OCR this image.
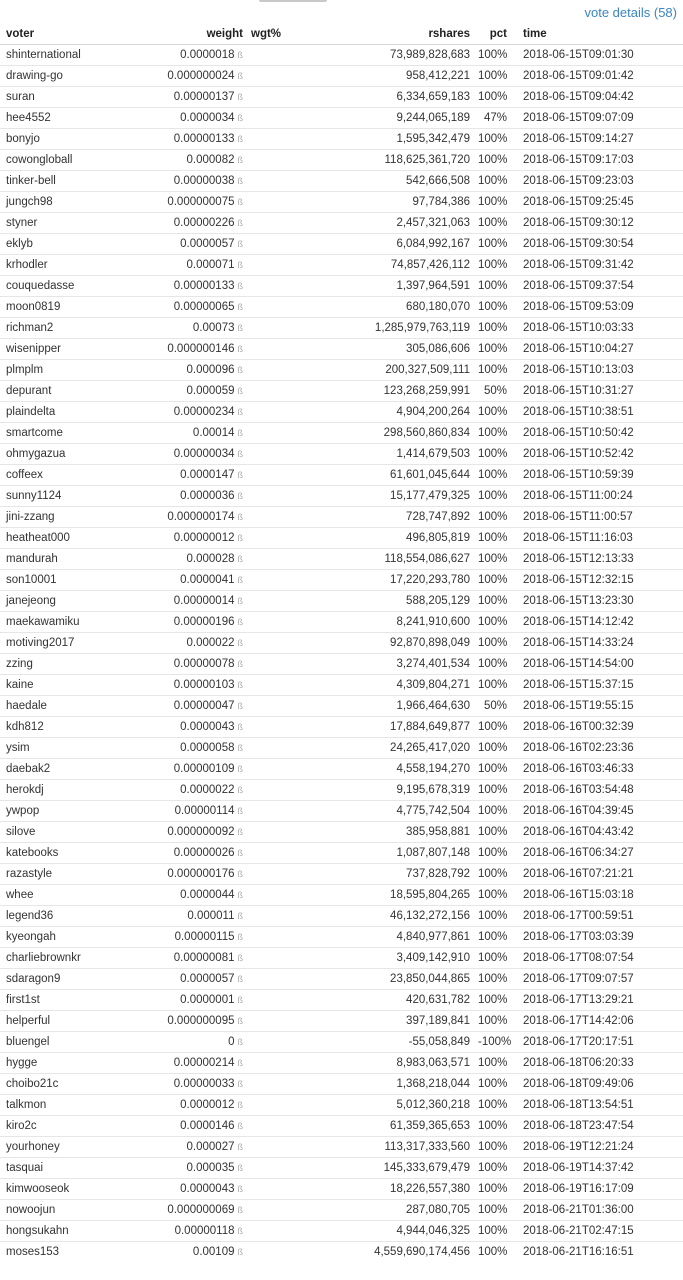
vote details (58)
voter	weight	wgt%	rshares	pct	time
shinternational	0.0000018 ß		73,989,828,683	100%	2018-06-15T09:01:30
drawing-go	0.000000024 ß		958,412,221	100%	2018-06-15T09:01:42
suran	0.00000137 ß		6,334,659,183	100%	2018-06-15T09:04:42
hee4552	0.0000034 ß		9,244,065,189	47%	2018-06-15T09:07:09
bonyjo	0.00000133 ß		1,595,342,479	100%	2018-06-15T09:14:27
cowongloball	0.000082 ß		118,625,361,720	100%	2018-06-15T09:17:03
tinker-bell	0.00000038 ß		542,666,508	100%	2018-06-15T09:23:03
jungch98	0.000000075 ß		97,784,386	100%	2018-06-15T09:25:45
styner	0.00000226 ß		2,457,321,063	100%	2018-06-15T09:30:12
eklyb	0.0000057 ß		6,084,992,167	100%	2018-06-15T09:30:54
krhodler	0.000071 ß		74,857,426,112	100%	2018-06-15T09:31:42
couquedasse	0.00000133 ß		1,397,964,591	100%	2018-06-15T09:37:54
moon0819	0.00000065 ß		680,180,070	100%	2018-06-15T09:53:09
richman2	0.00073 ß		1,285,979,763,119	100%	2018-06-15T10:03:33
wisenipper	0.000000146 ß		305,086,606	100%	2018-06-15T10:04:27
plmplm	0.000096 ß		200,327,509,111	100%	2018-06-15T10:13:03
depurant	0.000059 ß		123,268,259,991	50%	2018-06-15T10:31:27
plaindelta	0.00000234 ß		4,904,200,264	100%	2018-06-15T10:38:51
smartcome	0.00014 ß		298,560,860,834	100%	2018-06-15T10:50:42
ohmygazua	0.00000034 ß		1,414,679,503	100%	2018-06-15T10:52:42
coffeex	0.0000147 ß		61,601,045,644	100%	2018-06-15T10:59:39
sunny1124	0.0000036 ß		15,177,479,325	100%	2018-06-15T11:00:24
jini-zzang	0.000000174 ß		728,747,892	100%	2018-06-15T11:00:57
heatheat000	0.00000012 ß		496,805,819	100%	2018-06-15T11:16:03
mandurah	0.000028 ß		118,554,086,627	100%	2018-06-15T12:13:33
son10001	0.0000041 ß		17,220,293,780	100%	2018-06-15T12:32:15
janejeong	0.00000014 ß		588,205,129	100%	2018-06-15T13:23:30
maekawamiku	0.00000196 ß		8,241,910,600	100%	2018-06-15T14:12:42
motiving2017	0.000022 ß		92,870,898,049	100%	2018-06-15T14:33:24
zzing	0.00000078 ß		3,274,401,534	100%	2018-06-15T14:54:00
kaine	0.00000103 ß		4,309,804,271	100%	2018-06-15T15:37:15
haedale	0.00000047 ß		1,966,464,630	50%	2018-06-15T19:55:15
kdh812	0.0000043 ß		17,884,649,877	100%	2018-06-16T00:32:39
ysim	0.0000058 ß		24,265,417,020	100%	2018-06-16T02:23:36
daebak2	0.00000109 ß		4,558,194,270	100%	2018-06-16T03:46:33
herokdj	0.0000022 ß		9,195,678,319	100%	2018-06-16T03:54:48
ywpop	0.00000114 ß		4,775,742,504	100%	2018-06-16T04:39:45
silove	0.000000092 ß		385,958,881	100%	2018-06-16T04:43:42
katebooks	0.00000026 ß		1,087,807,148	100%	2018-06-16T06:34:27
razastyle	0.000000176 ß		737,828,792	100%	2018-06-16T07:21:21
whee	0.0000044 ß		18,595,804,265	100%	2018-06-16T15:03:18
legend36	0.000011 ß		46,132,272,156	100%	2018-06-17T00:59:51
kyeongah	0.00000115 ß		4,840,977,861	100%	2018-06-17T03:03:39
charliebrownkr	0.00000081 ß		3,409,142,910	100%	2018-06-17T08:07:54
sdaragon9	0.0000057 ß		23,850,044,865	100%	2018-06-17T09:07:57
first1st	0.0000001 ß		420,631,782	100%	2018-06-17T13:29:21
helperful	0.000000095 ß		397,189,841	100%	2018-06-17T14:42:06
bluengel	0 ß		-55,058,849	-100%	2018-06-17T20:17:51
hygge	0.00000214 ß		8,983,063,571	100%	2018-06-18T06:20:33
choibo21c	0.00000033 ß		1,368,218,044	100%	2018-06-18T09:49:06
talkmon	0.0000012 ß		5,012,360,218	100%	2018-06-18T13:54:51
kiro2c	0.0000146 ß		61,359,365,653	100%	2018-06-18T23:47:54
yourhoney	0.000027 ß		113,317,333,560	100%	2018-06-19T12:21:24
tasquai	0.000035 ß		145,333,679,479	100%	2018-06-19T14:37:42
kimwooseok	0.0000043 ß		18,226,557,380	100%	2018-06-19T16:17:09
nowoojun	0.000000069 ß		287,080,705	100%	2018-06-21T01:36:00
hongsukahn	0.00000118 ß		4,944,046,325	100%	2018-06-21T02:47:15
moses153	0.00109 ß		4,559,690,174,456	100%	2018-06-21T16:16:51
